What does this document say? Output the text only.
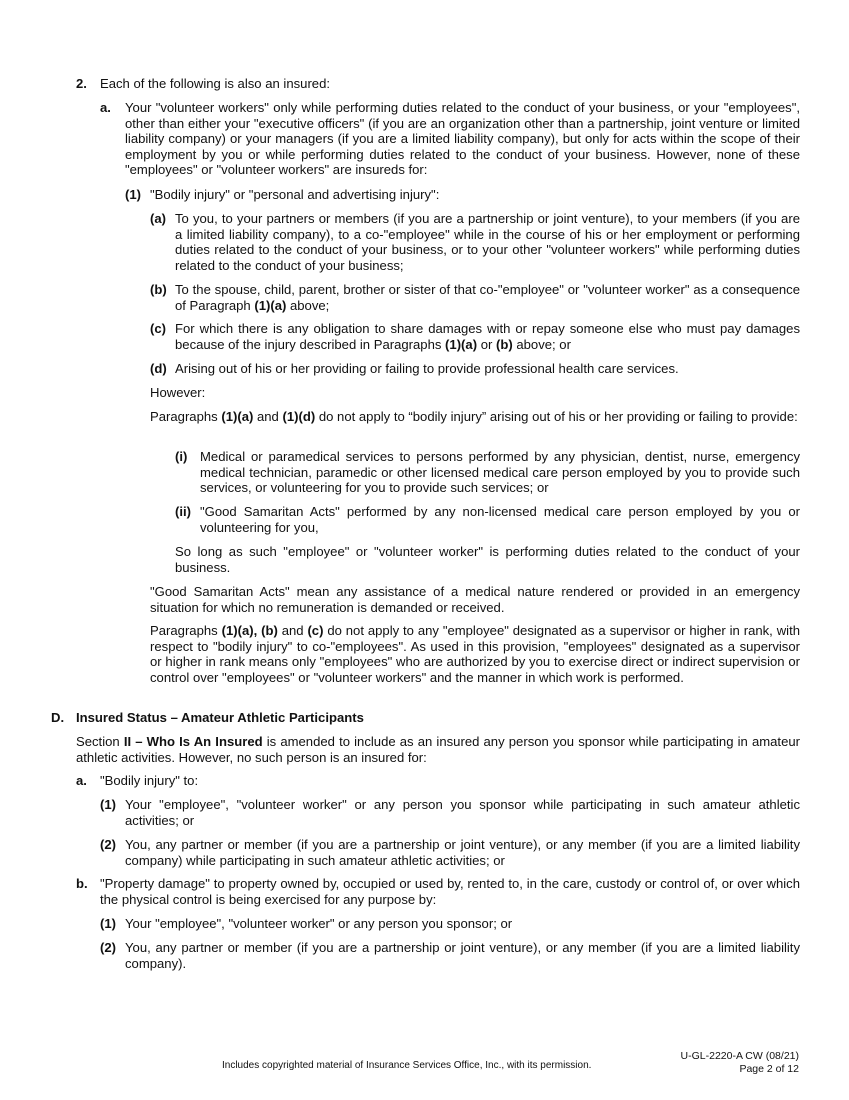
2. Each of the following is also an insured:
a. Your "volunteer workers" only while performing duties related to the conduct of your business, or your "employees", other than either your "executive officers" (if you are an organization other than a partnership, joint venture or limited liability company) or your managers (if you are a limited liability company), but only for acts within the scope of their employment by you or while performing duties related to the conduct of your business. However, none of these "employees" or "volunteer workers" are insureds for:
(1) "Bodily injury" or "personal and advertising injury":
(a) To you, to your partners or members (if you are a partnership or joint venture), to your members (if you are a limited liability company), to a co-"employee" while in the course of his or her employment or performing duties related to the conduct of your business, or to your other "volunteer workers" while performing duties related to the conduct of your business;
(b) To the spouse, child, parent, brother or sister of that co-"employee" or "volunteer worker" as a consequence of Paragraph (1)(a) above;
(c) For which there is any obligation to share damages with or repay someone else who must pay damages because of the injury described in Paragraphs (1)(a) or (b) above; or
(d) Arising out of his or her providing or failing to provide professional health care services.
However:
Paragraphs (1)(a) and (1)(d) do not apply to “bodily injury” arising out of his or her providing or failing to provide:
(i) Medical or paramedical services to persons performed by any physician, dentist, nurse, emergency medical technician, paramedic or other licensed medical care person employed by you to provide such services, or volunteering for you to provide such services; or
(ii) "Good Samaritan Acts" performed by any non-licensed medical care person employed by you or volunteering for you,
So long as such "employee" or "volunteer worker" is performing duties related to the conduct of your business.
"Good Samaritan Acts" mean any assistance of a medical nature rendered or provided in an emergency situation for which no remuneration is demanded or received.
Paragraphs (1)(a), (b) and (c) do not apply to any "employee" designated as a supervisor or higher in rank, with respect to "bodily injury" to co-"employees". As used in this provision, "employees" designated as a supervisor or higher in rank means only "employees" who are authorized by you to exercise direct or indirect supervision or control over "employees" or "volunteer workers" and the manner in which work is performed.
D. Insured Status – Amateur Athletic Participants
Section II – Who Is An Insured is amended to include as an insured any person you sponsor while participating in amateur athletic activities. However, no such person is an insured for:
a. "Bodily injury" to:
(1) Your "employee", "volunteer worker" or any person you sponsor while participating in such amateur athletic activities; or
(2) You, any partner or member (if you are a partnership or joint venture), or any member (if you are a limited liability company) while participating in such amateur athletic activities; or
b. "Property damage" to property owned by, occupied or used by, rented to, in the care, custody or control of, or over which the physical control is being exercised for any purpose by:
(1) Your "employee", "volunteer worker" or any person you sponsor; or
(2) You, any partner or member (if you are a partnership or joint venture), or any member (if you are a limited liability company).
Includes copyrighted material of Insurance Services Office, Inc., with its permission.
U-GL-2220-A CW (08/21)
Page 2 of 12
